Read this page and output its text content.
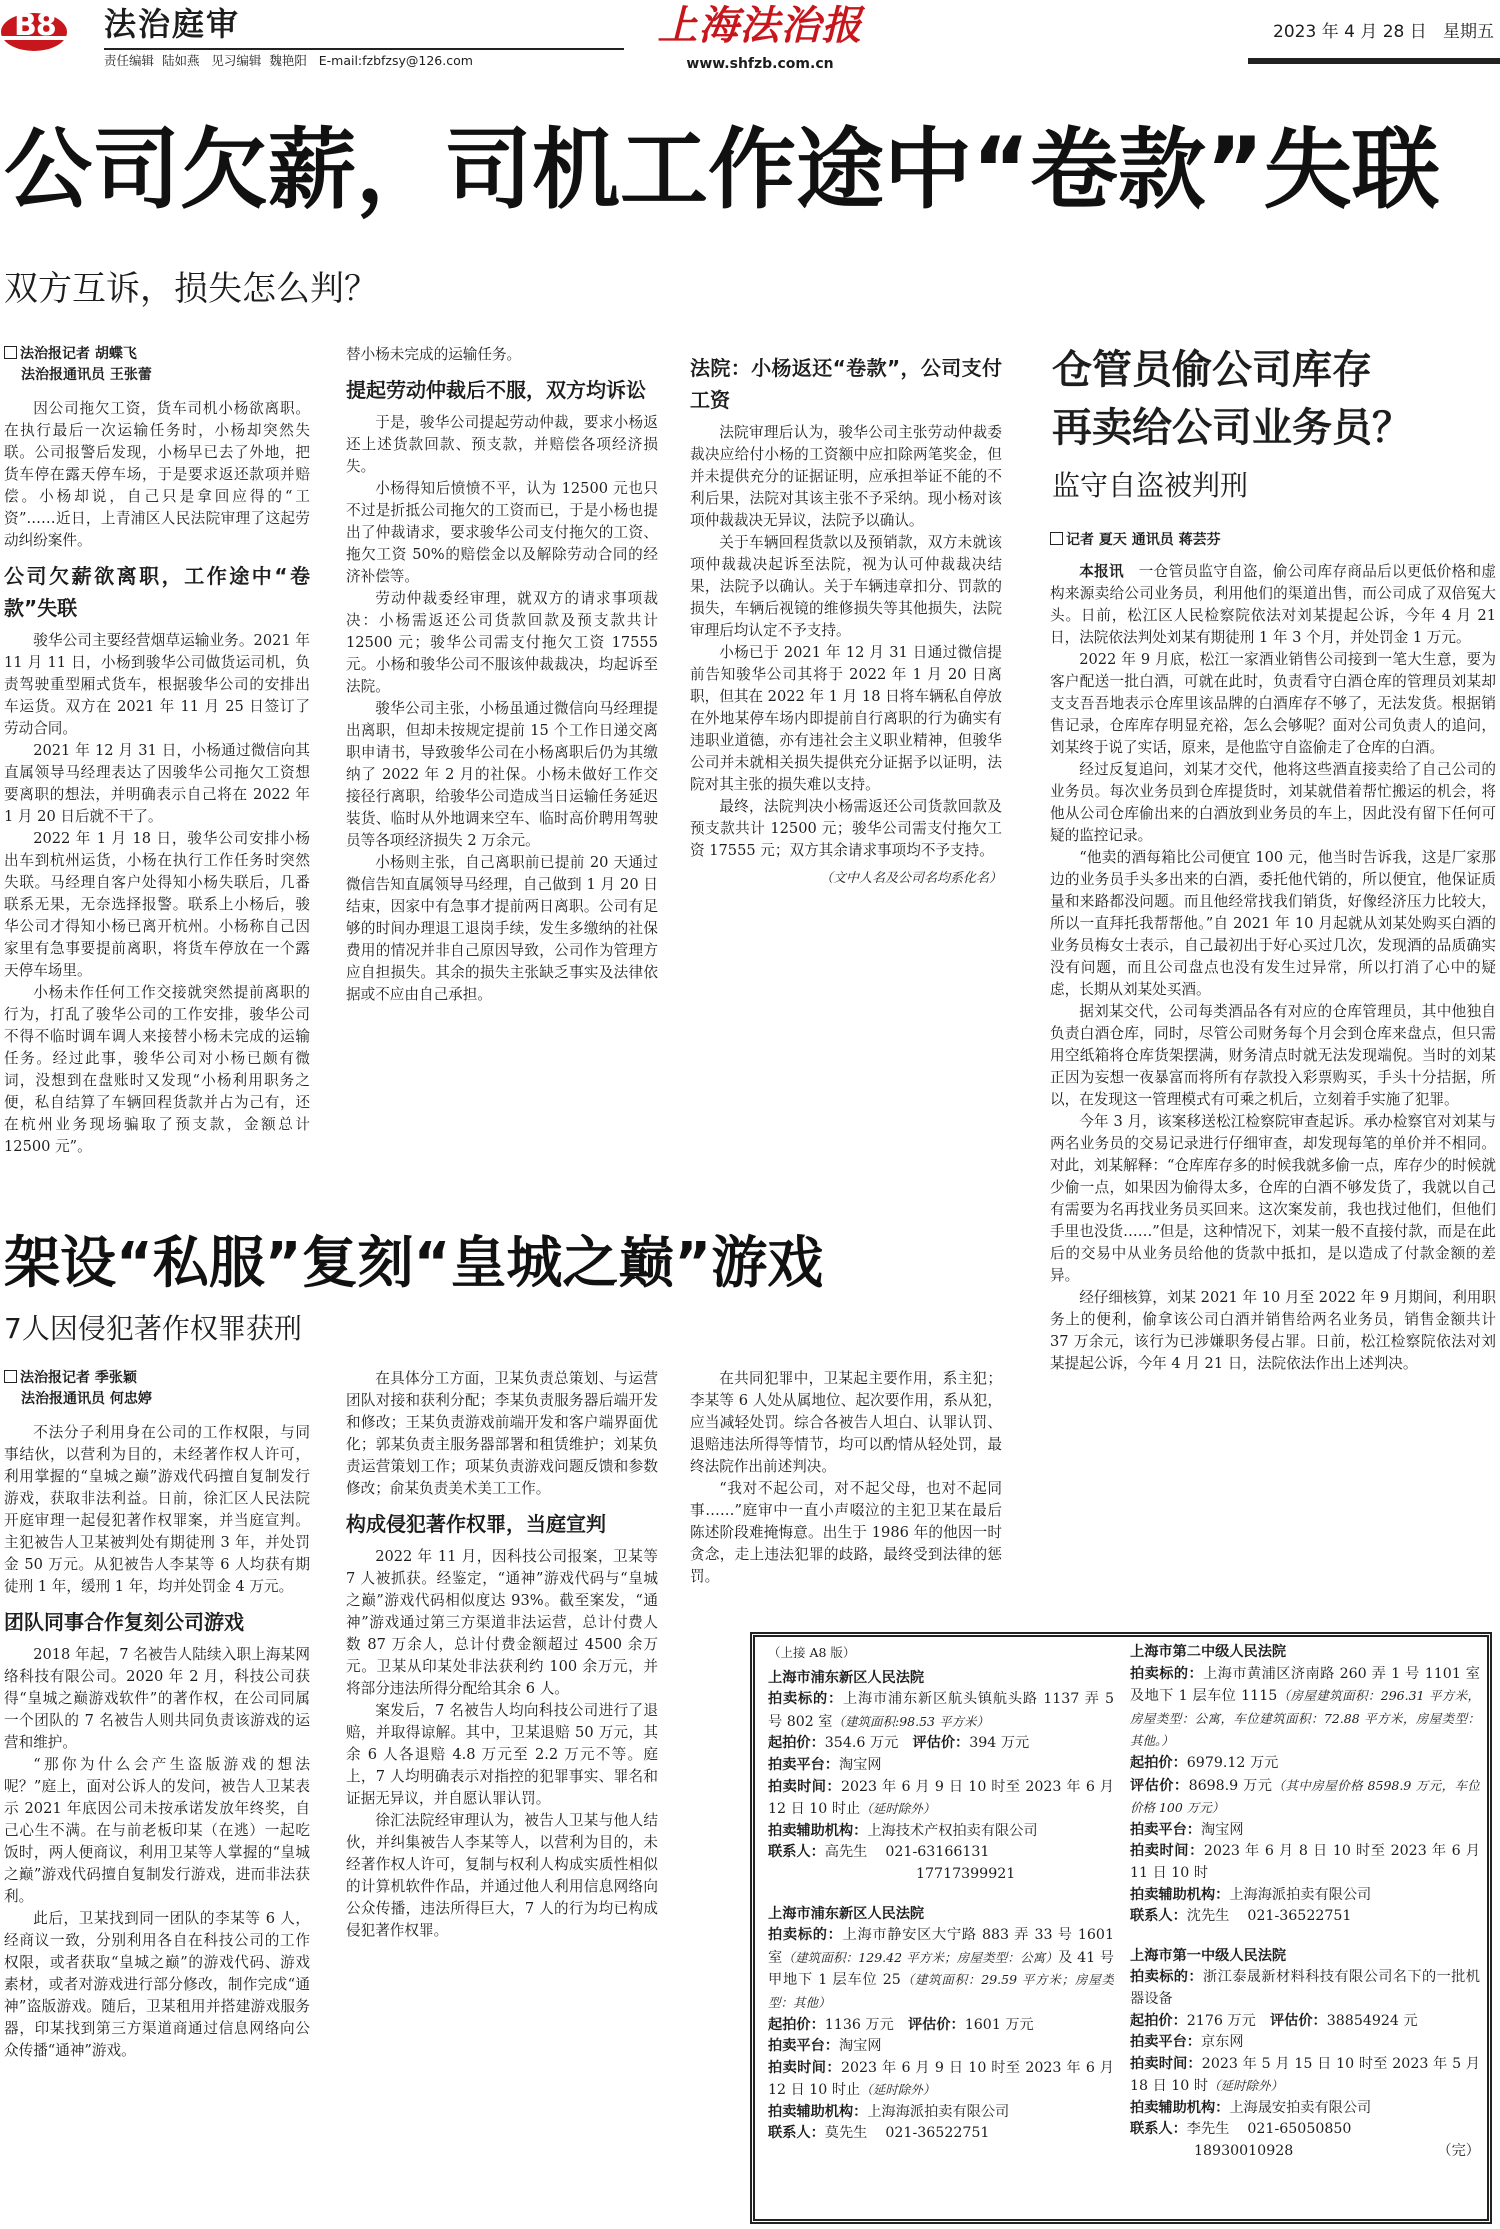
B8 法治庭审
责任编辑  陆如燕   见习编辑  魏艳阳   E-mail:fzbfzsy@126.com
上海法治报
www.shfzb.com.cn
2023 年 4 月 28 日   星期五
公司欠薪，司机工作途中“卷款”失联
双方互诉，损失怎么判？
法治报记者 胡蝶飞
法治报通讯员 王张蕾

因公司拖欠工资，货车司机小杨欲离职。在执行最后一次运输任务时，小杨却突然失联。公司报警后发现，小杨早已去了外地，把货车停在露天停车场，于是要求返还款项并赔偿。小杨却说，自己只是拿回应得的“工资”……近日，上青浦区人民法院审理了这起劳动纠纷案件。

公司欠薪欲离职，工作途中“卷款”失联

骏华公司主要经营烟草运输业务。2021 年 11 月 11 日，小杨到骏华公司做货运司机，负责驾驶重型厢式货车，根据骏华公司的安排出车运货。双方在 2021 年 11 月 25 日签订了劳动合同。

2021 年 12 月 31 日，小杨通过微信向其直属领导马经理表达了因骏华公司拖欠工资想要离职的想法，并明确表示自己将在 2022 年 1 月 20 日后就不干了。

2022 年 1 月 18 日，骏华公司安排小杨出车到杭州运货，小杨在执行工作任务时突然失联。马经理自客户处得知小杨失联后，几番联系无果，无奈选择报警。联系上小杨后，骏华公司才得知小杨已离开杭州。小杨称自己因家里有急事要提前离职，将货车停放在一个露天停车场里。

小杨未作任何工作交接就突然提前离职的行为，打乱了骏华公司的工作安排，骏华公司不得不临时调车调人来接替小杨未完成的运输任务。经过此事，骏华公司对小杨已颇有微词，没想到在盘账时又发现“小杨利用职务之便，私自结算了车辆回程货款并占为己有，还在杭州业务现场骗取了预支款，金额总计 12500 元”。

替小杨未完成的运输任务。

提起劳动仲裁后不服，双方均诉讼

于是，骏华公司提起劳动仲裁，要求小杨返还上述货款回款、预支款，并赔偿各项经济损失。

小杨得知后愤愤不平，认为 12500 元也只不过是折抵公司拖欠的工资而已，于是小杨也提出了仲裁请求，要求骏华公司支付拖欠的工资、拖欠工资 50%的赔偿金以及解除劳动合同的经济补偿等。

劳动仲裁委经审理，就双方的请求事项裁决：小杨需返还公司货款回款及预支款共计 12500 元；骏华公司需支付拖欠工资 17555 元。小杨和骏华公司不服该仲裁裁决，均起诉至法院。

骏华公司主张，小杨虽通过微信向马经理提出离职，但却未按规定提前 15 个工作日递交离职申请书，导致骏华公司在小杨离职后仍为其缴纳了 2022 年 2 月的社保。小杨未做好工作交接径行离职，给骏华公司造成当日运输任务延迟装货、临时从外地调来空车、临时高价聘用驾驶员等各项经济损失 2 万余元。

小杨则主张，自己离职前已提前 20 天通过微信告知直属领导马经理，自己做到 1 月 20 日结束，因家中有急事才提前两日离职。公司有足够的时间办理退工退岗手续，发生多缴纳的社保费用的情况并非自己原因导致，公司作为管理方应自担损失。其余的损失主张缺乏事实及法律依据或不应由自己承担。

法院：小杨返还“卷款”，公司支付工资

法院审理后认为，骏华公司主张劳动仲裁委裁决应给付小杨的工资额中应扣除两笔奖金，但并未提供充分的证据证明，应承担举证不能的不利后果，法院对其该主张不予采纳。现小杨对该项仲裁裁决无异议，法院予以确认。

关于车辆回程货款以及预销款，双方未就该项仲裁裁决起诉至法院，视为认可仲裁裁决结果，法院予以确认。关于车辆违章扣分、罚款的损失，车辆后视镜的维修损失等其他损失，法院审理后均认定不予支持。

小杨已于 2021 年 12 月 31 日通过微信提前告知骏华公司其将于 2022 年 1 月 20 日离职，但其在 2022 年 1 月 18 日将车辆私自停放在外地某停车场内即提前自行离职的行为确实有违职业道德，亦有违社会主义职业精神，但骏华公司并未就相关损失提供充分证据予以证明，法院对其主张的损失难以支持。

最终，法院判决小杨需返还公司货款回款及预支款共计 12500 元；骏华公司需支付拖欠工资 17555 元；双方其余请求事项均不予支持。

（文中人名及公司名均系化名）
仓管员偷公司库存
再卖给公司业务员？
监守自盗被判刑
记者 夏天 通讯员 蒋芸芬

本报讯　 一仓管员监守自盗，偷公司库存商品后以更低价格和虚构来源卖给公司业务员，利用他们的渠道出售，而公司成了双倍冤大头。日前，松江区人民检察院依法对刘某提起公诉，今年 4 月 21 日，法院依法判处刘某有期徒刑 1 年 3 个月，并处罚金 1 万元。

2022 年 9 月底，松江一家酒业销售公司接到一笔大生意，要为客户配送一批白酒，可就在此时，负责看守白酒仓库的管理员刘某却支支吾吾地表示仓库里该品牌的白酒库存不够了，无法发货。根据销售记录，仓库库存明显充裕，怎么会够呢？面对公司负责人的追问，刘某终于说了实话，原来，是他监守自盗偷走了仓库的白酒。

经过反复追问，刘某才交代，他将这些酒直接卖给了自己公司的业务员。每次业务员到仓库提货时，刘某就借着帮忙搬运的机会，将他从公司仓库偷出来的白酒放到业务员的车上，因此没有留下任何可疑的监控记录。

“他卖的酒每箱比公司便宜 100 元，他当时告诉我，这是厂家那边的业务员手头多出来的白酒，委托他代销的，所以便宜，他保证质量和来路都没问题。而且他经常找我们销货，好像经济压力比较大，所以一直拜托我帮帮他。”自 2021 年 10 月起就从刘某处购买白酒的业务员梅女士表示，自己最初出于好心买过几次，发现酒的品质确实没有问题，而且公司盘点也没有发生过异常，所以打消了心中的疑虑，长期从刘某处买酒。

据刘某交代，公司每类酒品各有对应的仓库管理员，其中他独自负责白酒仓库，同时，尽管公司财务每个月会到仓库来盘点，但只需用空纸箱将仓库货架摆满，财务清点时就无法发现端倪。当时的刘某正因为妄想一夜暴富而将所有存款投入彩票购买，手头十分拮据，所以，在发现这一管理模式有可乘之机后，立刻着手实施了犯罪。

今年 3 月，该案移送松江检察院审查起诉。承办检察官对刘某与两名业务员的交易记录进行仔细审查，却发现每笔的单价并不相同。对此，刘某解释：“仓库库存多的时候我就多偷一点，库存少的时候就少偷一点，如果因为偷得太多，仓库的白酒不够发货了，我就以自己有需要为名再找业务员买回来。这次案发前，我也找过他们，但他们手里也没货……”但是，这种情况下，刘某一般不直接付款，而是在此后的交易中从业务员给他的货款中抵扣，是以造成了付款金额的差异。

经仔细核算，刘某 2021 年 10 月至 2022 年 9 月期间，利用职务上的便利，偷拿该公司白酒并销售给两名业务员，销售金额共计 37 万余元，该行为已涉嫌职务侵占罪。日前，松江检察院依法对刘某提起公诉，今年 4 月 21 日，法院依法作出上述判决。

架设“私服”复刻“皇城之巅”游戏
7人因侵犯著作权罪获刑
法治报记者 季张颖
法治报通讯员 何忠婷

不法分子利用身在公司的工作权限，与同事结伙，以营利为目的，未经著作权人许可，利用掌握的“皇城之巅”游戏代码擅自复制发行游戏，获取非法利益。日前，徐汇区人民法院开庭审理一起侵犯著作权罪案，并当庭宣判。主犯被告人卫某被判处有期徒刑 3 年，并处罚金 50 万元。从犯被告人李某等 6 人均获有期徒刑 1 年，缓刑 1 年，均并处罚金 4 万元。

团队同事合作复刻公司游戏

2018 年起，7 名被告人陆续入职上海某网络科技有限公司。2020 年 2 月，科技公司获得“皇城之巅游戏软件”的著作权，在公司同属一个团队的 7 名被告人则共同负责该游戏的运营和维护。

“那你为什么会产生盗版游戏的想法呢？”庭上，面对公诉人的发问，被告人卫某表示 2021 年底因公司未按承诺发放年终奖，自己心生不满。在与前老板印某（在逃）一起吃饭时，两人便商议，利用卫某等人掌握的“皇城之巅”游戏代码擅自复制发行游戏，进而非法获利。

此后，卫某找到同一团队的李某等 6 人，经商议一致，分别利用各自在科技公司的工作权限，或者获取“皇城之巅”的游戏代码、游戏素材，或者对游戏进行部分修改，制作完成“通神”盗版游戏。随后，卫某租用并搭建游戏服务器，印某找到第三方渠道商通过信息网络向公众传播“通神”游戏。

在具体分工方面，卫某负责总策划、与运营团队对接和获利分配；李某负责服务器后端开发和修改；王某负责游戏前端开发和客户端界面优化；郭某负责主服务器部署和租赁维护；刘某负责运营策划工作；项某负责游戏问题反馈和参数修改；俞某负责美术美工工作。

构成侵犯著作权罪，当庭宣判

2022 年 11 月，因科技公司报案，卫某等 7 人被抓获。经鉴定，“通神”游戏代码与“皇城之巅”游戏代码相似度达 93%。截至案发，“通神”游戏通过第三方渠道非法运营，总计付费人数 87 万余人，总计付费金额超过 4500 余万元。卫某从印某处非法获利约 100 余万元，并将部分违法所得分配给其余 6 人。

案发后，7 名被告人均向科技公司进行了退赔，并取得谅解。其中，卫某退赔 50 万元，其余 6 人各退赔 4.8 万元至 2.2 万元不等。庭上，7 人均明确表示对指控的犯罪事实、罪名和证据无异议，并自愿认罪认罚。

徐汇法院经审理认为，被告人卫某与他人结伙，并纠集被告人李某等人，以营利为目的，未经著作权人许可，复制与权利人构成实质性相似的计算机软件作品，并通过他人利用信息网络向公众传播，违法所得巨大，7 人的行为均已构成侵犯著作权罪。

在共同犯罪中，卫某起主要作用，系主犯；李某等 6 人处从属地位、起次要作用，系从犯，应当减轻处罚。综合各被告人坦白、认罪认罚、退赔违法所得等情节，均可以酌情从轻处罚，最终法院作出前述判决。

“我对不起公司，对不起父母，也对不起同事……”庭审中一直小声啜泣的主犯卫某在最后陈述阶段难掩悔意。出生于 1986 年的他因一时贪念，走上违法犯罪的歧路，最终受到法律的惩罚。

（上接 A8 版）

上海市浦东新区人民法院

拍卖标的：上海市浦东新区航头镇航头路 1137 弄 5 号 802 室（建筑面积:98.53 平方米）

起拍价：354.6 万元　 评估价：394 万元

拍卖平台：淘宝网

拍卖时间：2023 年 6 月 9 日 10 时至 2023 年 6 月 12 日 10 时止（延时除外）

拍卖辅助机构：上海技术产权拍卖有限公司

联系人：高先生    021-63166131

17717399921

上海市浦东新区人民法院

拍卖标的：上海市静安区大宁路 883 弄 33 号 1601 室（建筑面积：129.42 平方米；房屋类型：公寓）及 41 号甲地下 1 层车位 25（建筑面积：29.59 平方米；房屋类型：其他）

起拍价：1136 万元　 评估价：1601 万元

拍卖平台：淘宝网

拍卖时间：2023 年 6 月 9 日 10 时至 2023 年 6 月 12 日 10 时止（延时除外）

拍卖辅助机构：上海海派拍卖有限公司

联系人：莫先生    021-36522751

上海市第二中级人民法院

拍卖标的：上海市黄浦区济南路 260 弄 1 号 1101 室及地下 1 层车位 1115（房屋建筑面积：296.31 平方米，房屋类型：公寓，车位建筑面积：72.88 平方米，房屋类型：其他。）

起拍价：6979.12 万元

评估价：8698.9 万元（其中房屋价格 8598.9 万元，车位价格 100 万元）

拍卖平台：淘宝网

拍卖时间：2023 年 6 月 8 日 10 时至 2023 年 6 月 11 日 10 时

拍卖辅助机构：上海海派拍卖有限公司

联系人：沈先生    021-36522751

上海市第一中级人民法院

拍卖标的：浙江泰晟新材料科技有限公司名下的一批机器设备

起拍价：2176 万元　 评估价：38854924 元

拍卖平台：京东网

拍卖时间：2023 年 5 月 15 日 10 时至 2023 年 5 月 18 日 10 时（延时除外）

拍卖辅助机构：上海晟安拍卖有限公司

联系人：李先生    021-65050850

18930010928	（完）
